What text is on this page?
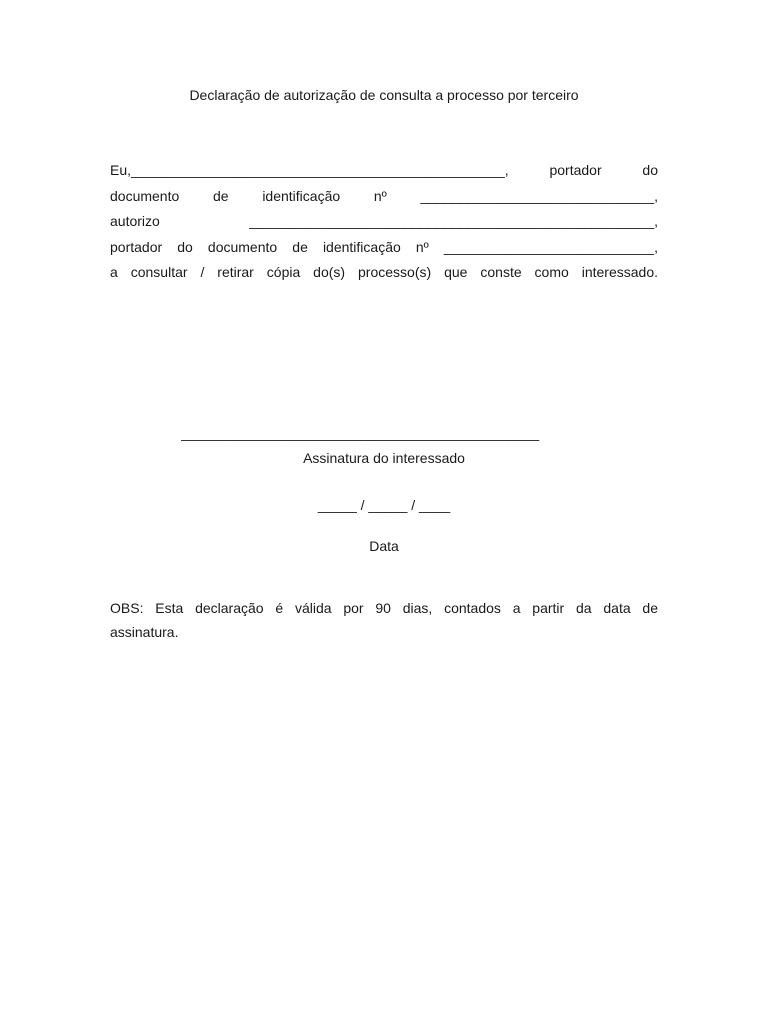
Declaração de autorização de consulta a processo por terceiro
Eu,________________________________________________, portador do
documento de identificação nº ______________________________,
autorizo ____________________________________________________,
portador do documento de identificação nº ___________________________,
a consultar / retirar cópia do(s) processo(s) que conste como interessado.
______________________________________________
Assinatura do interessado
_____ / _____ / ____
Data
OBS: Esta declaração é válida por 90 dias, contados a partir da data de
assinatura.
